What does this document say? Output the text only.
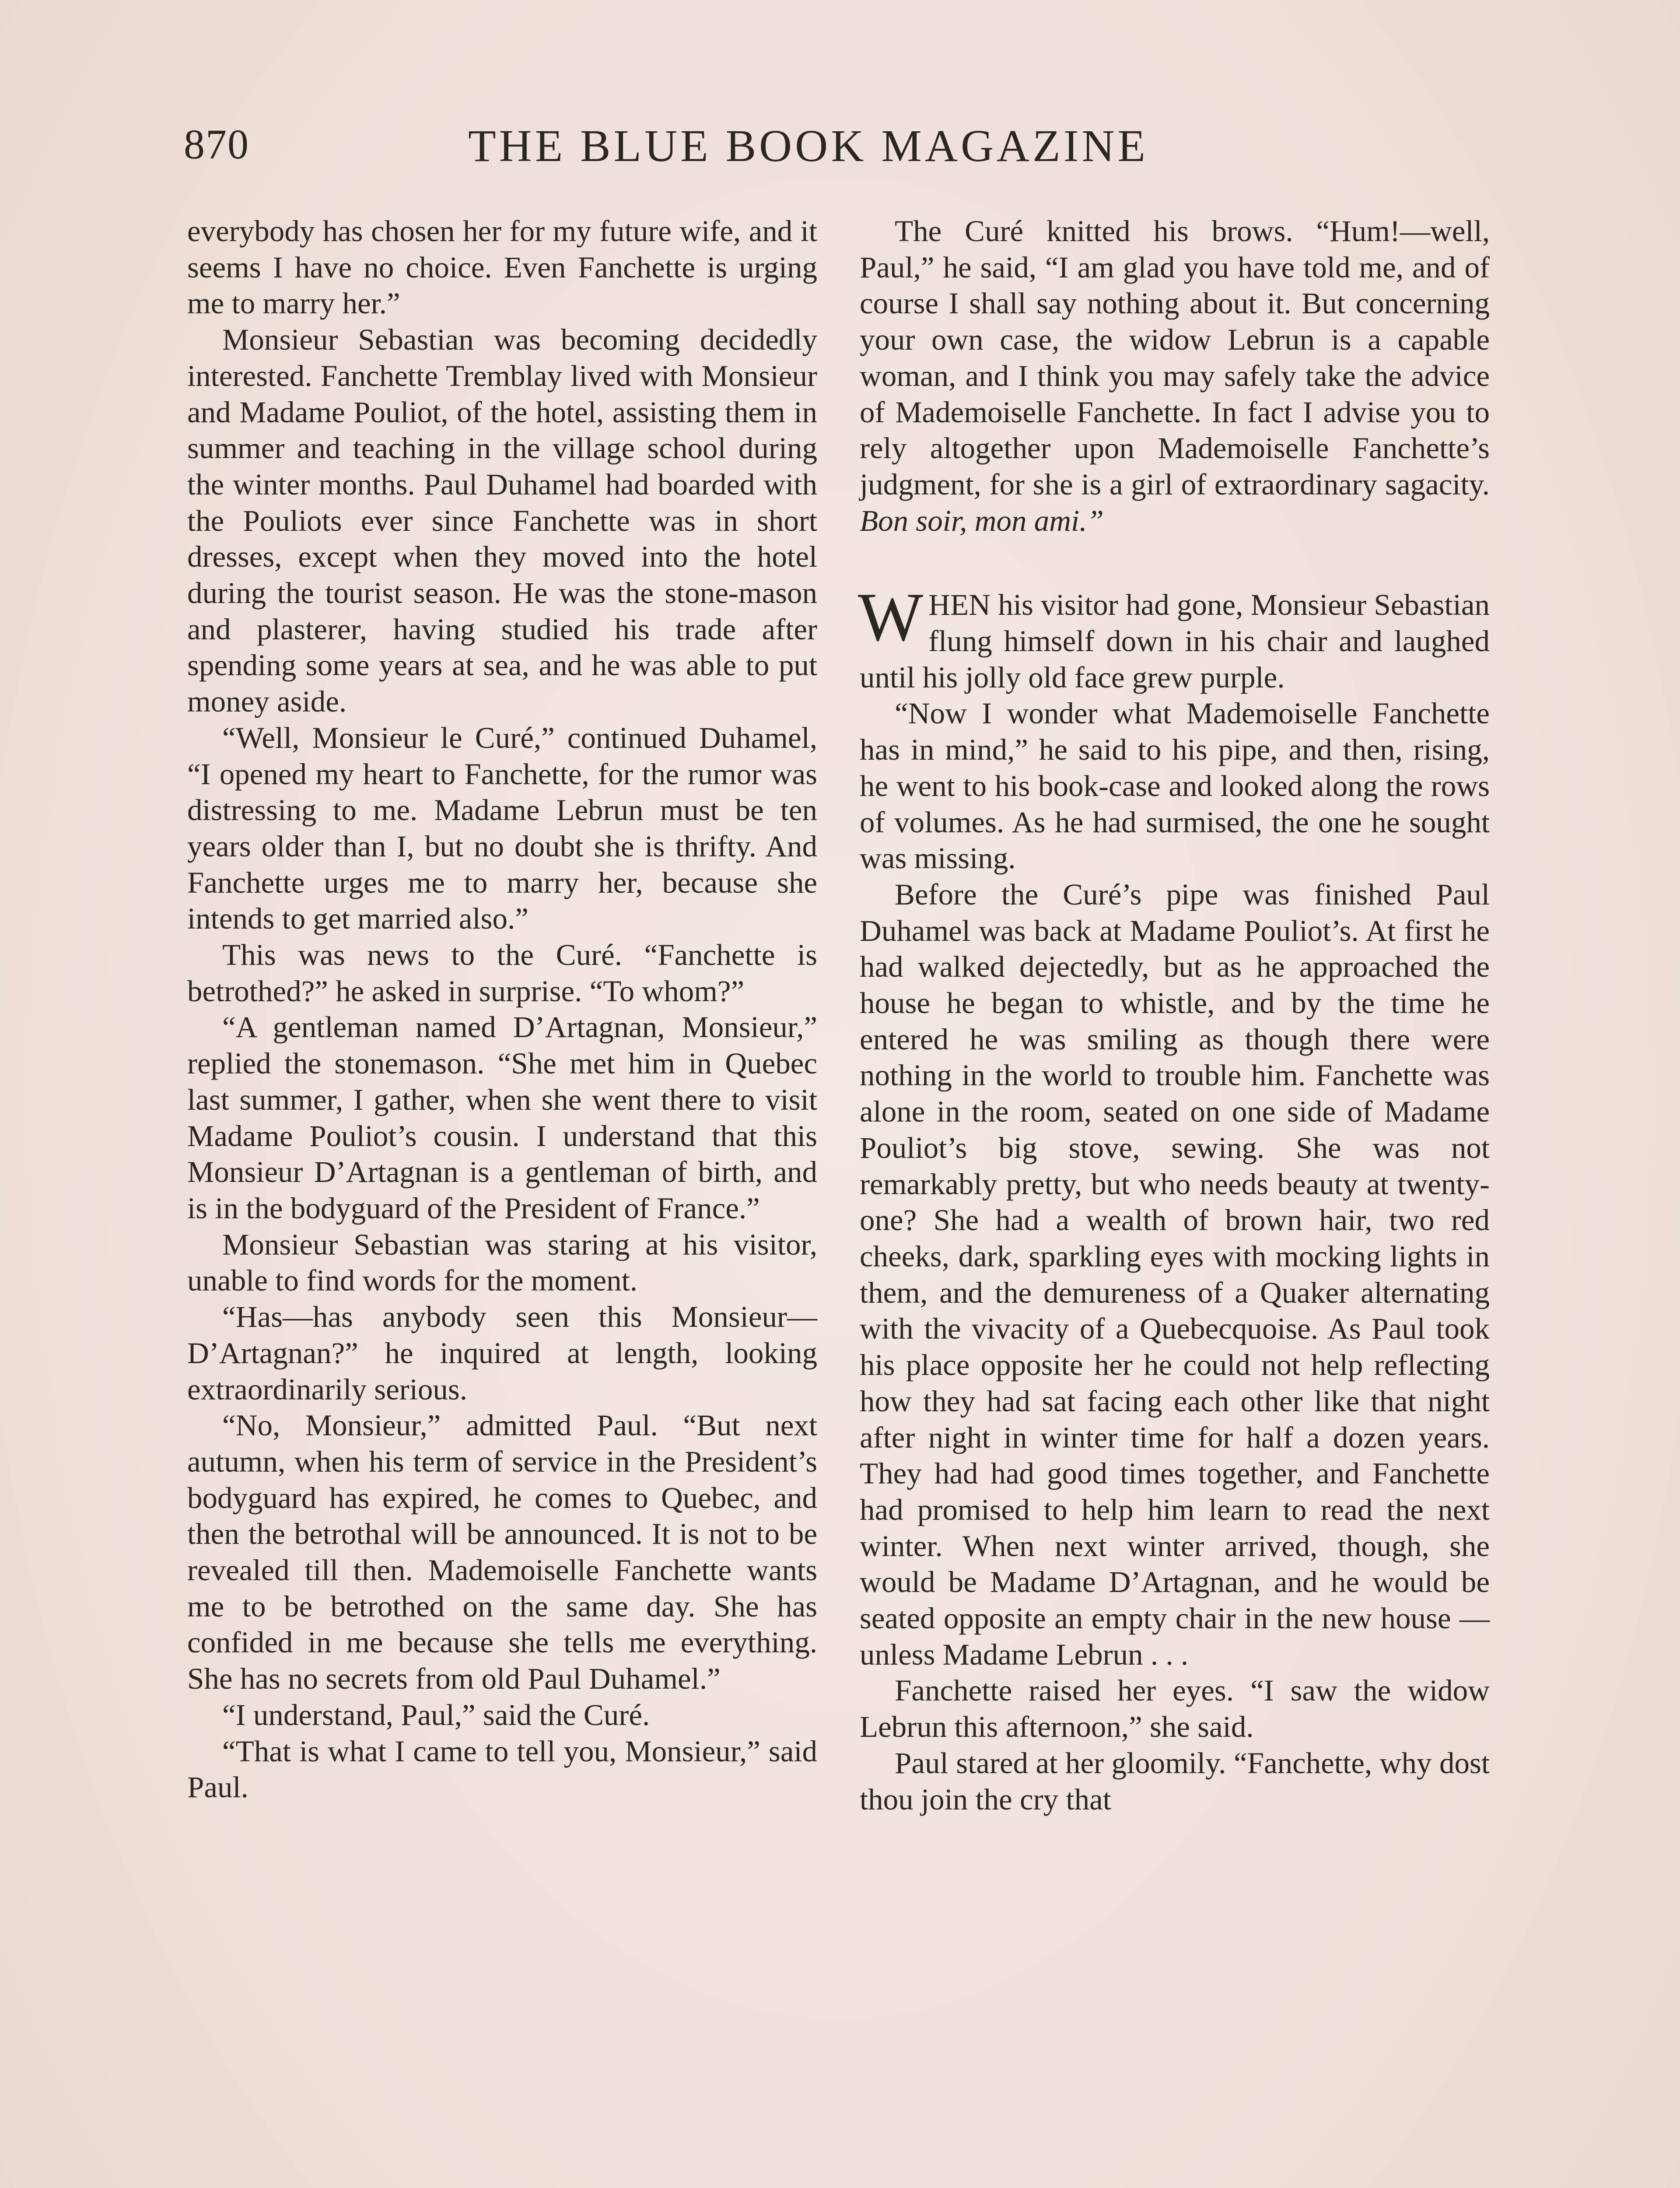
870	THE BLUE BOOK MAGAZINE

everybody has chosen her for my future wife, and it seems I have no choice. Even Fanchette is urging me to marry her.”

Monsieur Sebastian was becoming decidedly interested. Fanchette Tremblay lived with Monsieur and Madame Pouliot, of the hotel, assisting them in summer and teaching in the village school during the winter months. Paul Duhamel had boarded with the Pouliots ever since Fanchette was in short dresses, except when they moved into the hotel during the tourist season. He was the stone-mason and plasterer, having studied his trade after spending some years at sea, and he was able to put money aside.

“Well, Monsieur le Curé,” continued Duhamel, “I opened my heart to Fanchette, for the rumor was distressing to me. Madame Lebrun must be ten years older than I, but no doubt she is thrifty. And Fanchette urges me to marry her, because she intends to get married also.”

This was news to the Curé. “Fanchette is betrothed?” he asked in surprise. “To whom?”

“A gentleman named D’Artagnan, Monsieur,” replied the stonemason. “She met him in Quebec last summer, I gather, when she went there to visit Madame Pouliot’s cousin. I understand that this Monsieur D’Artagnan is a gentleman of birth, and is in the bodyguard of the President of France.”

Monsieur Sebastian was staring at his visitor, unable to find words for the moment.

“Has—has anybody seen this Monsieur—D’Artagnan?” he inquired at length, looking extraordinarily serious.

“No, Monsieur,” admitted Paul. “But next autumn, when his term of service in the President’s bodyguard has expired, he comes to Quebec, and then the betrothal will be announced. It is not to be revealed till then. Mademoiselle Fanchette wants me to be betrothed on the same day. She has confided in me because she tells me everything. She has no secrets from old Paul Duhamel.”

“I understand, Paul,” said the Curé.

“That is what I came to tell you, Monsieur,” said Paul.

The Curé knitted his brows. “Hum!—well, Paul,” he said, “I am glad you have told me, and of course I shall say nothing about it. But concerning your own case, the widow Lebrun is a capable woman, and I think you may safely take the advice of Mademoiselle Fanchette. In fact I advise you to rely altogether upon Mademoiselle Fanchette’s judgment, for she is a girl of extraordinary sagacity. Bon soir, mon ami.”

WHEN his visitor had gone, Monsieur Sebastian flung himself down in his chair and laughed until his jolly old face grew purple.

“Now I wonder what Mademoiselle Fanchette has in mind,” he said to his pipe, and then, rising, he went to his book-case and looked along the rows of volumes. As he had surmised, the one he sought was missing.

Before the Curé’s pipe was finished Paul Duhamel was back at Madame Pouliot’s. At first he had walked dejectedly, but as he approached the house he began to whistle, and by the time he entered he was smiling as though there were nothing in the world to trouble him. Fanchette was alone in the room, seated on one side of Madame Pouliot’s big stove, sewing. She was not remarkably pretty, but who needs beauty at twenty-one? She had a wealth of brown hair, two red cheeks, dark, sparkling eyes with mocking lights in them, and the demureness of a Quaker alternating with the vivacity of a Quebecquoise. As Paul took his place opposite her he could not help reflecting how they had sat facing each other like that night after night in winter time for half a dozen years. They had had good times together, and Fanchette had promised to help him learn to read the next winter. When next winter arrived, though, she would be Madame D’Artagnan, and he would be seated opposite an empty chair in the new house — unless Madame Lebrun . . .

Fanchette raised her eyes. “I saw the widow Lebrun this afternoon,” she said.

Paul stared at her gloomily. “Fanchette, why dost thou join the cry that
